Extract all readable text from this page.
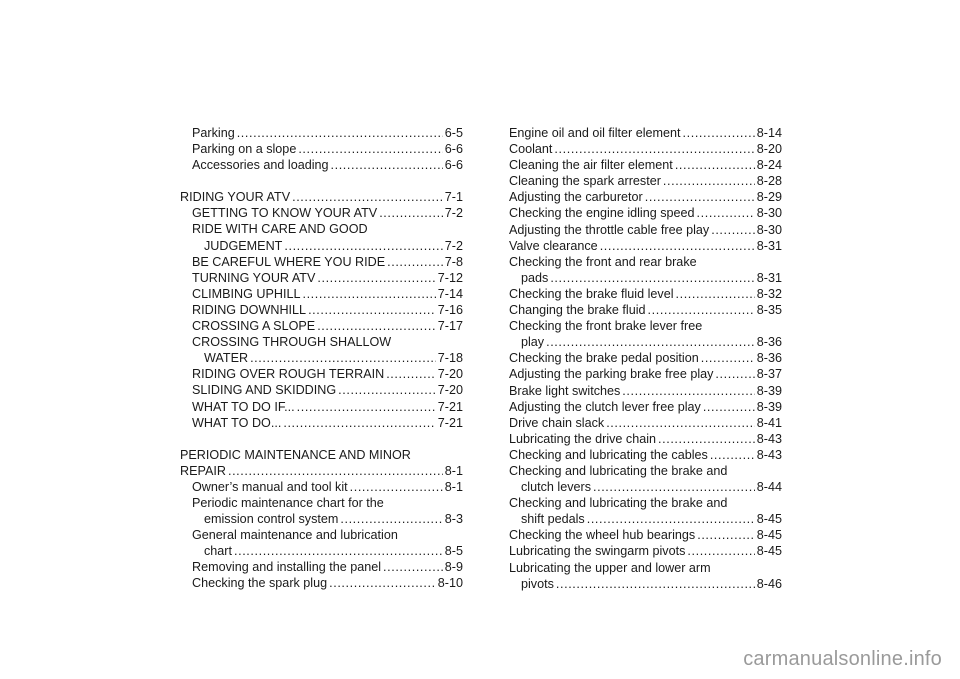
Parking .....	6-5
Parking on a slope .....	6-6
Accessories and loading .....	6-6
RIDING YOUR ATV .....	7-1
GETTING TO KNOW YOUR ATV .....	7-2
RIDE WITH CARE AND GOOD
JUDGEMENT .....	7-2
BE CAREFUL WHERE YOU RIDE .....	7-8
TURNING YOUR ATV .....	7-12
CLIMBING UPHILL .....	7-14
RIDING DOWNHILL .....	7-16
CROSSING A SLOPE .....	7-17
CROSSING THROUGH SHALLOW
WATER .....	7-18
RIDING OVER ROUGH TERRAIN .....	7-20
SLIDING AND SKIDDING .....	7-20
WHAT TO DO IF... .....	7-21
WHAT TO DO... .....	7-21
PERIODIC MAINTENANCE AND MINOR
REPAIR .....	8-1
Owner’s manual and tool kit .....	8-1
Periodic maintenance chart for the
emission control system .....	8-3
General maintenance and lubrication
chart .....	8-5
Removing and installing the panel .....	8-9
Checking the spark plug .....	8-10
Engine oil and oil filter element .....	8-14
Coolant .....	8-20
Cleaning the air filter element .....	8-24
Cleaning the spark arrester .....	8-28
Adjusting the carburetor .....	8-29
Checking the engine idling speed .....	8-30
Adjusting the throttle cable free play .....	8-30
Valve clearance .....	8-31
Checking the front and rear brake
pads .....	8-31
Checking the brake fluid level .....	8-32
Changing the brake fluid .....	8-35
Checking the front brake lever free
play .....	8-36
Checking the brake pedal position .....	8-36
Adjusting the parking brake free play .....	8-37
Brake light switches .....	8-39
Adjusting the clutch lever free play .....	8-39
Drive chain slack .....	8-41
Lubricating the drive chain .....	8-43
Checking and lubricating the cables .....	8-43
Checking and lubricating the brake and
clutch levers .....	8-44
Checking and lubricating the brake and
shift pedals .....	8-45
Checking the wheel hub bearings .....	8-45
Lubricating the swingarm pivots .....	8-45
Lubricating the upper and lower arm
pivots .....	8-46
carmanualsonline.info
